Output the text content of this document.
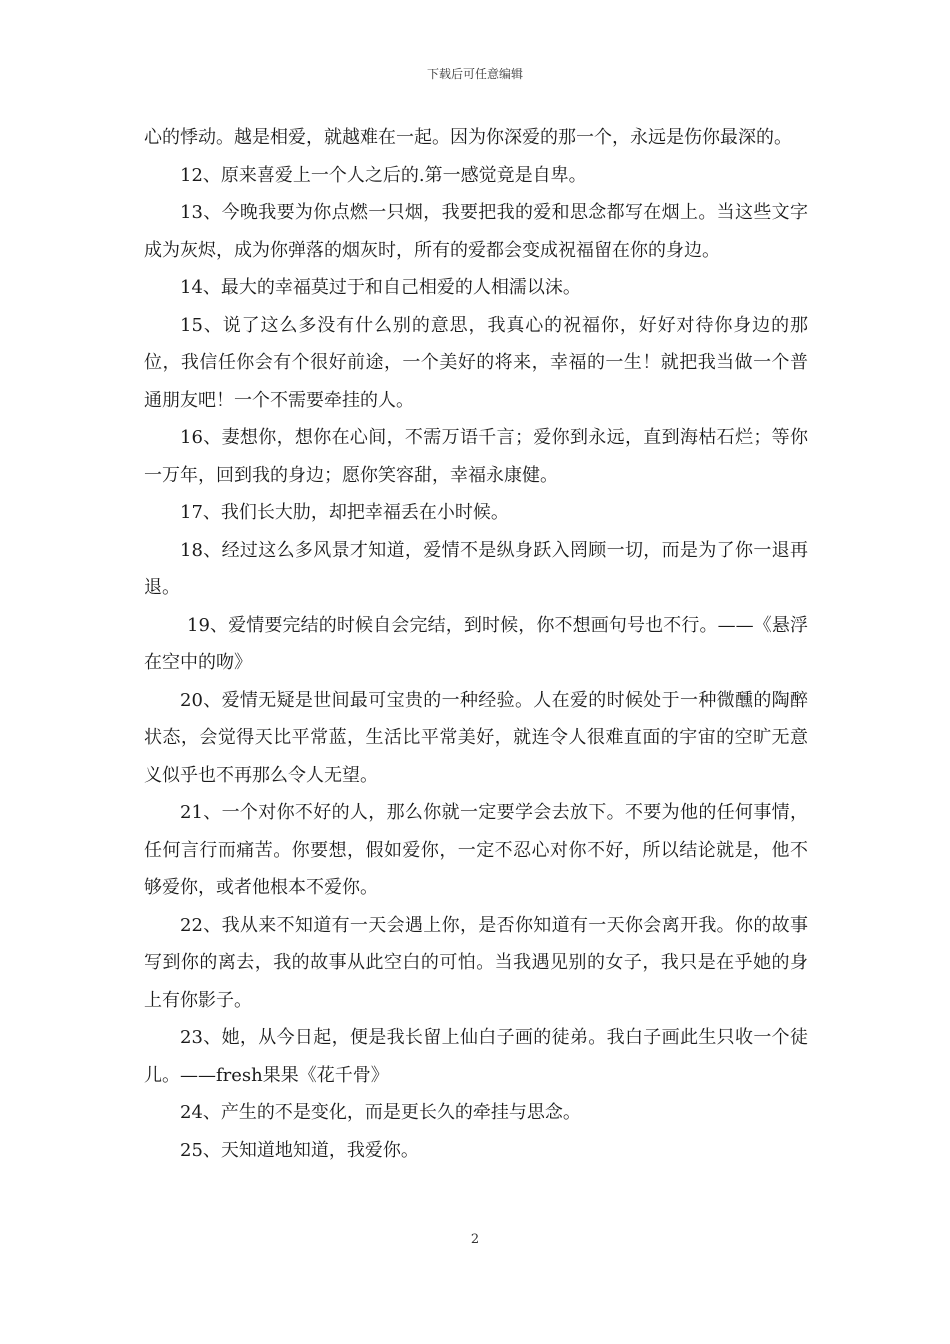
下载后可任意编辑

心的悸动。越是相爱，就越难在一起。因为你深爱的那一个，永远是伤你最深的。

12、原来喜爱上一个人之后的.第一感觉竟是自卑。

13、今晚我要为你点燃一只烟，我要把我的爱和思念都写在烟上。当这些文字成为灰烬，成为你弹落的烟灰时，所有的爱都会变成祝福留在你的身边。

14、最大的幸福莫过于和自己相爱的人相濡以沫。

15、说了这么多没有什么别的意思，我真心的祝福你，好好对待你身边的那位，我信任你会有个很好前途，一个美好的将来，幸福的一生！就把我当做一个普通朋友吧！一个不需要牵挂的人。

16、妻想你，想你在心间，不需万语千言；爱你到永远，直到海枯石烂；等你一万年，回到我的身边；愿你笑容甜，幸福永康健。

17、我们长大肋，却把幸福丢在小时候。

18、经过这么多风景才知道，爱情不是纵身跃入罔顾一切，而是为了你一退再退。

19、爱情要完结的时候自会完结，到时候，你不想画句号也不行。——《悬浮在空中的吻》

20、爱情无疑是世间最可宝贵的一种经验。人在爱的时候处于一种微醺的陶醉状态，会觉得天比平常蓝，生活比平常美好，就连令人很难直面的宇宙的空旷无意义似乎也不再那么令人无望。

21、一个对你不好的人，那么你就一定要学会去放下。不要为他的任何事情，任何言行而痛苦。你要想，假如爱你，一定不忍心对你不好，所以结论就是，他不够爱你，或者他根本不爱你。

22、我从来不知道有一天会遇上你，是否你知道有一天你会离开我。你的故事写到你的离去，我的故事从此空白的可怕。当我遇见别的女子，我只是在乎她的身上有你影子。

23、她，从今日起，便是我长留上仙白子画的徒弟。我白子画此生只收一个徒儿。——fresh果果《花千骨》

24、产生的不是变化，而是更长久的牵挂与思念。

25、天知道地知道，我爱你。

2
